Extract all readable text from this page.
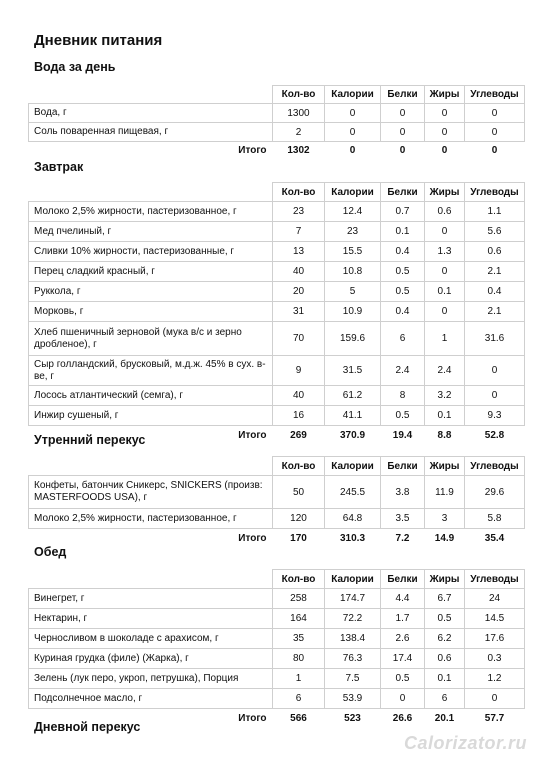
Дневник питания
Вода за день
	Кол-во	Калории	Белки	Жиры	Углеводы
Вода, г	1300	0	0	0	0
Соль поваренная пищевая, г	2	0	0	0	0
Итого	1302	0	0	0	0
Завтрак
	Кол-во	Калории	Белки	Жиры	Углеводы
Молоко 2,5% жирности, пастеризованное, г	23	12.4	0.7	0.6	1.1
Мед пчелиный, г	7	23	0.1	0	5.6
Сливки 10% жирности, пастеризованные, г	13	15.5	0.4	1.3	0.6
Перец сладкий красный, г	40	10.8	0.5	0	2.1
Руккола, г	20	5	0.5	0.1	0.4
Морковь, г	31	10.9	0.4	0	2.1
Хлеб пшеничный зерновой (мука в/с и зерно дробленое), г	70	159.6	6	1	31.6
Сыр голландский, брусковый, м.д.ж. 45% в сух. в-ве, г	9	31.5	2.4	2.4	0
Лосось атлантический (семга), г	40	61.2	8	3.2	0
Инжир сушеный, г	16	41.1	0.5	0.1	9.3
Итого	269	370.9	19.4	8.8	52.8
Утренний перекус
	Кол-во	Калории	Белки	Жиры	Углеводы
Конфеты, батончик Сникерс, SNICKERS (произв: MASTERFOODS USA), г	50	245.5	3.8	11.9	29.6
Молоко 2,5% жирности, пастеризованное, г	120	64.8	3.5	3	5.8
Итого	170	310.3	7.2	14.9	35.4
Обед
	Кол-во	Калории	Белки	Жиры	Углеводы
Винегрет, г	258	174.7	4.4	6.7	24
Нектарин, г	164	72.2	1.7	0.5	14.5
Черносливом в шоколаде с арахисом, г	35	138.4	2.6	6.2	17.6
Куриная грудка (филе) (Жарка), г	80	76.3	17.4	0.6	0.3
Зелень (лук перо, укроп, петрушка), Порция	1	7.5	0.5	0.1	1.2
Подсолнечное масло, г	6	53.9	0	6	0
Итого	566	523	26.6	20.1	57.7
Дневной перекус
Calorizator.ru
